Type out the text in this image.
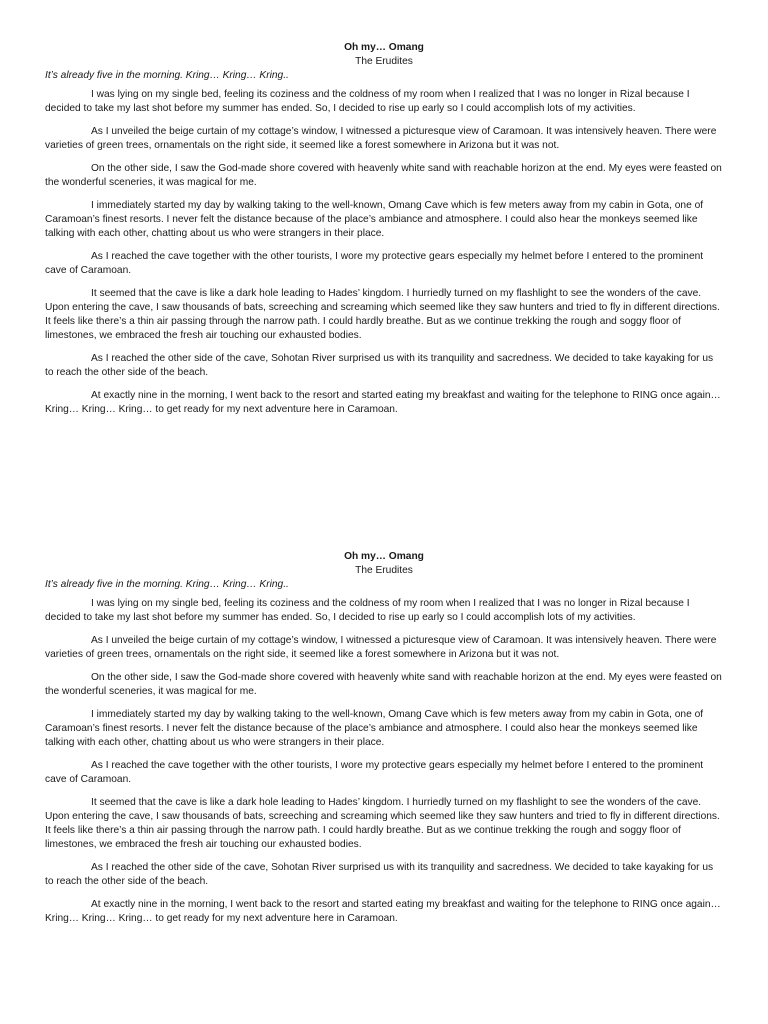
Oh my… Omang

The Erudites

It’s already five in the morning. Kring… Kring… Kring..

I was lying on my single bed, feeling its coziness and the coldness of my room when I realized that I was no longer in Rizal because I decided to take my last shot before my summer has ended. So, I decided to rise up early so I could accomplish lots of my activities.

As I unveiled the beige curtain of my cottage’s window, I witnessed a picturesque view of Caramoan. It was intensively heaven. There were varieties of green trees, ornamentals on the right side, it seemed like a forest somewhere in Arizona but it was not.

On the other side, I saw the God-made shore covered with heavenly white sand with reachable horizon at the end. My eyes were feasted on the wonderful sceneries, it was magical for me.

I immediately started my day by walking taking to the well-known, Omang Cave which is few meters away from my cabin in Gota, one of Caramoan’s finest resorts. I never felt the distance because of the place’s ambiance and atmosphere. I could also hear the monkeys seemed like talking with each other, chatting about us who were strangers in their place.

As I reached the cave together with the other tourists, I wore my protective gears especially my helmet before I entered to the prominent cave of Caramoan.

It seemed that the cave is like a dark hole leading to Hades’ kingdom. I hurriedly turned on my flashlight to see the wonders of the cave. Upon entering the cave, I saw thousands of bats, screeching and screaming which seemed like they saw hunters and tried to fly in different directions. It feels like there’s a thin air passing through the narrow path. I could hardly breathe. But as we continue trekking the rough and soggy floor of limestones, we embraced the fresh air touching our exhausted bodies.

As I reached the other side of the cave, Sohotan River surprised us with its tranquility and sacredness. We decided to take kayaking for us to reach the other side of the beach.

At exactly nine in the morning, I went back to the resort and started eating my breakfast and waiting for the telephone to RING once again… Kring… Kring… Kring… to get ready for my next adventure here in Caramoan.

Oh my… Omang

The Erudites

It’s already five in the morning. Kring… Kring… Kring..

I was lying on my single bed, feeling its coziness and the coldness of my room when I realized that I was no longer in Rizal because I decided to take my last shot before my summer has ended. So, I decided to rise up early so I could accomplish lots of my activities.

As I unveiled the beige curtain of my cottage’s window, I witnessed a picturesque view of Caramoan. It was intensively heaven. There were varieties of green trees, ornamentals on the right side, it seemed like a forest somewhere in Arizona but it was not.

On the other side, I saw the God-made shore covered with heavenly white sand with reachable horizon at the end. My eyes were feasted on the wonderful sceneries, it was magical for me.

I immediately started my day by walking taking to the well-known, Omang Cave which is few meters away from my cabin in Gota, one of Caramoan’s finest resorts. I never felt the distance because of the place’s ambiance and atmosphere. I could also hear the monkeys seemed like talking with each other, chatting about us who were strangers in their place.

As I reached the cave together with the other tourists, I wore my protective gears especially my helmet before I entered to the prominent cave of Caramoan.

It seemed that the cave is like a dark hole leading to Hades’ kingdom. I hurriedly turned on my flashlight to see the wonders of the cave. Upon entering the cave, I saw thousands of bats, screeching and screaming which seemed like they saw hunters and tried to fly in different directions. It feels like there’s a thin air passing through the narrow path. I could hardly breathe. But as we continue trekking the rough and soggy floor of limestones, we embraced the fresh air touching our exhausted bodies.

As I reached the other side of the cave, Sohotan River surprised us with its tranquility and sacredness. We decided to take kayaking for us to reach the other side of the beach.

At exactly nine in the morning, I went back to the resort and started eating my breakfast and waiting for the telephone to RING once again… Kring… Kring… Kring… to get ready for my next adventure here in Caramoan.
